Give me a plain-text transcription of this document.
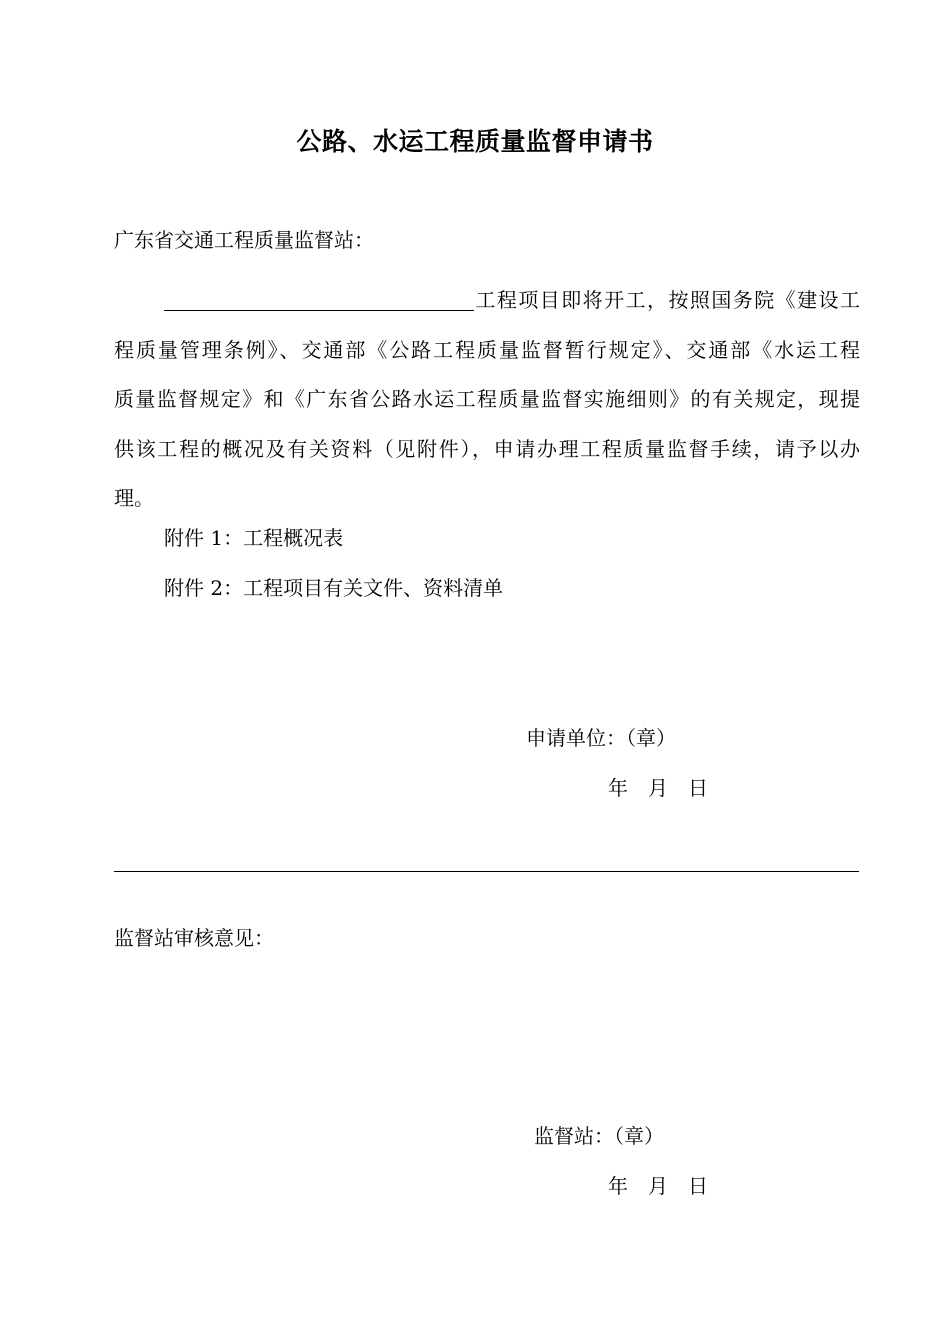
公路、水运工程质量监督申请书
广东省交通工程质量监督站：
工程项目即将开工，按照国务院《建设工
程质量管理条例》、交通部《公路工程质量监督暂行规定》、交通部《水运工程
质量监督规定》和《广东省公路水运工程质量监督实施细则》的有关规定，现提
供该工程的概况及有关资料（见附件），申请办理工程质量监督手续，请予以办
理。
附件 1：工程概况表
附件 2：工程项目有关文件、资料清单
申请单位：（章）
年 月 日
监督站审核意见：
监督站：（章）
年 月 日
